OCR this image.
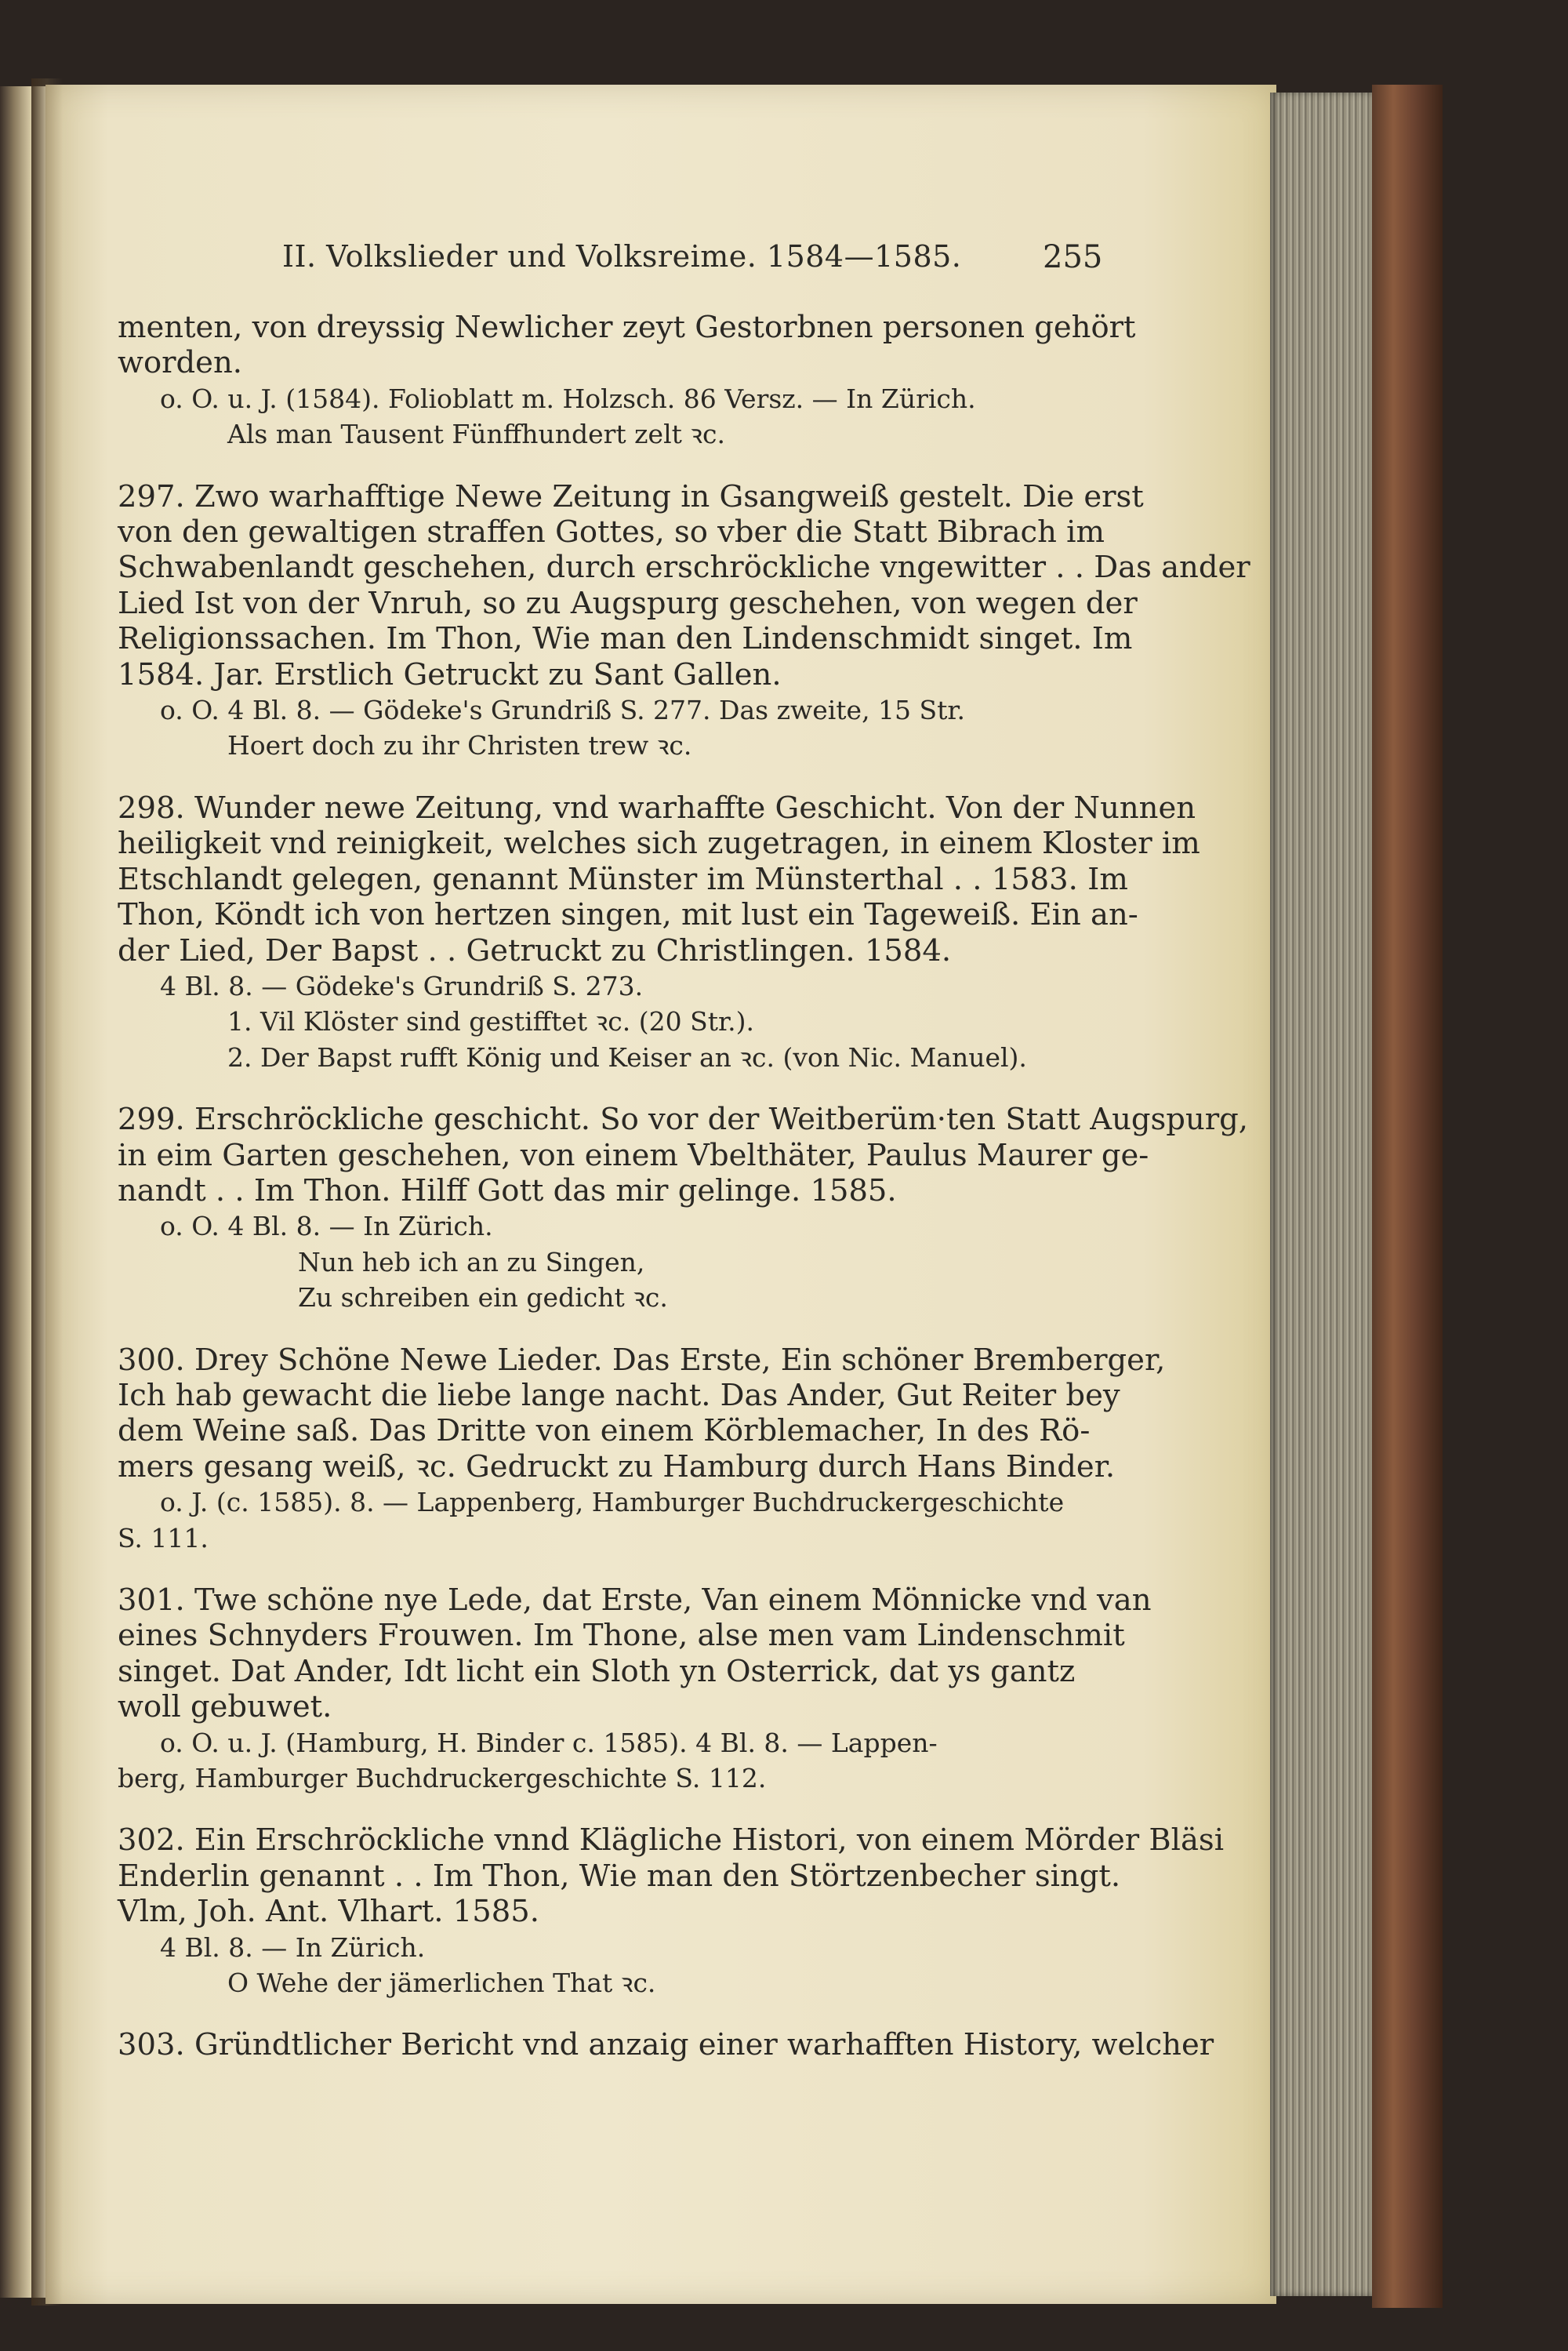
II. Volkslieder und Volksreime. 1584—1585.	255
menten, von dreyssig Newlicher zeyt Gestorbnen personen gehört
worden.
o. O. u. J. (1584). Folioblatt m. Holzsch. 86 Versz. — In Zürich.
Als man Tausent Fünffhundert zelt ꝛc.
297. Zwo warhafftige Newe Zeitung in Gsangweiß gestelt. Die erst
von den gewaltigen straffen Gottes, so vber die Statt Bibrach im
Schwabenlandt geschehen, durch erschröckliche vngewitter . . Das ander
Lied Ist von der Vnruh, so zu Augspurg geschehen, von wegen der
Religionssachen. Im Thon, Wie man den Lindenschmidt singet. Im
1584. Jar. Erstlich Getruckt zu Sant Gallen.
o. O. 4 Bl. 8. — Gödeke's Grundriß S. 277. Das zweite, 15 Str.
Hoert doch zu ihr Christen trew ꝛc.
298. Wunder newe Zeitung, vnd warhaffte Geschicht. Von der Nunnen
heiligkeit vnd reinigkeit, welches sich zugetragen, in einem Kloster im
Etschlandt gelegen, genannt Münster im Münsterthal . . 1583. Im
Thon, Köndt ich von hertzen singen, mit lust ein Tageweiß. Ein an-
der Lied, Der Bapst . . Getruckt zu Christlingen. 1584.
4 Bl. 8. — Gödeke's Grundriß S. 273.
1. Vil Klöster sind gestifftet ꝛc. (20 Str.).
2. Der Bapst rufft König und Keiser an ꝛc. (von Nic. Manuel).
299. Erschröckliche geschicht. So vor der Weitberüm·ten Statt Augspurg,
in eim Garten geschehen, von einem Vbelthäter, Paulus Maurer ge-
nandt . . Im Thon. Hilff Gott das mir gelinge. 1585.
o. O. 4 Bl. 8. — In Zürich.
Nun heb ich an zu Singen,
Zu schreiben ein gedicht ꝛc.
300. Drey Schöne Newe Lieder. Das Erste, Ein schöner Bremberger,
Ich hab gewacht die liebe lange nacht. Das Ander, Gut Reiter bey
dem Weine saß. Das Dritte von einem Körblemacher, In des Rö-
mers gesang weiß, ꝛc. Gedruckt zu Hamburg durch Hans Binder.
o. J. (c. 1585). 8. — Lappenberg, Hamburger Buchdruckergeschichte
S. 111.
301. Twe schöne nye Lede, dat Erste, Van einem Mönnicke vnd van
eines Schnyders Frouwen. Im Thone, alse men vam Lindenschmit
singet. Dat Ander, Idt licht ein Sloth yn Osterrick, dat ys gantz
woll gebuwet.
o. O. u. J. (Hamburg, H. Binder c. 1585). 4 Bl. 8. — Lappen-
berg, Hamburger Buchdruckergeschichte S. 112.
302. Ein Erschröckliche vnnd Klägliche Histori, von einem Mörder Bläsi
Enderlin genannt . . Im Thon, Wie man den Störtzenbecher singt.
Vlm, Joh. Ant. Vlhart. 1585.
4 Bl. 8. — In Zürich.
O Wehe der jämerlichen That ꝛc.
303. Gründtlicher Bericht vnd anzaig einer warhafften History, welcher
